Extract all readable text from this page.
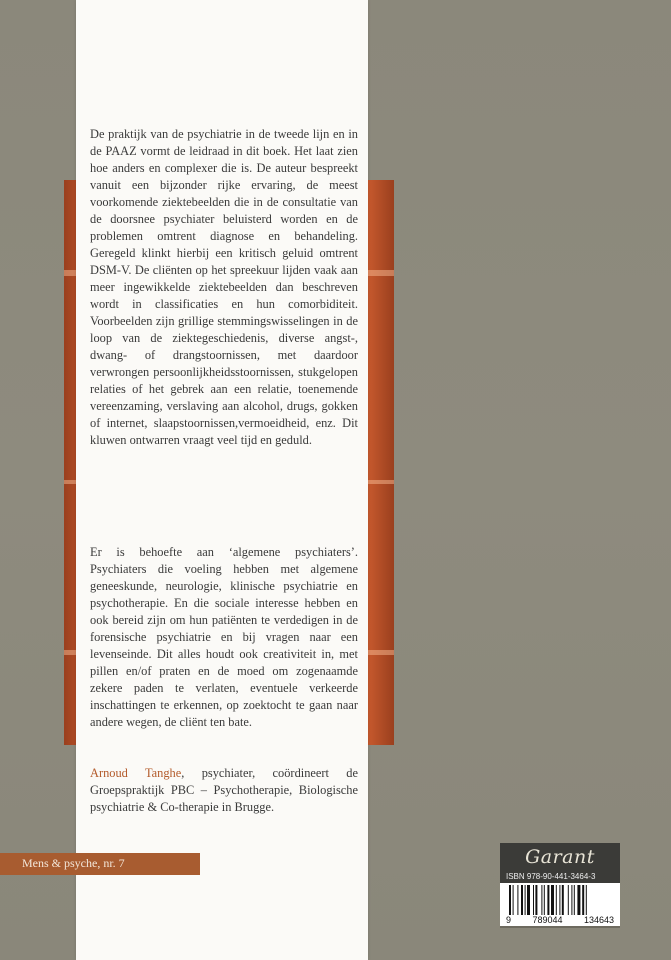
De praktijk van de psychiatrie in de tweede lijn en in de PAAZ vormt de leidraad in dit boek. Het laat zien hoe anders en complexer die is. De auteur bespreekt vanuit een bijzonder rijke ervaring, de meest voorkomende ziektebeelden die in de consultatie van de doorsnee psychiater beluisterd worden en de problemen omtrent diagnose en behandeling. Geregeld klinkt hierbij een kritisch geluid omtrent DSM-V. De cliënten op het spreekuur lijden vaak aan meer ingewikkelde ziektebeelden dan beschreven wordt in classificaties en hun comorbiditeit. Voorbeelden zijn grillige stemmingswisselingen in de loop van de ziektegeschiedenis, diverse angst-, dwang- of drangstoornissen, met daardoor verwrongen persoonlijkheidsstoornissen, stukgelopen relaties of het gebrek aan een relatie, toenemende vereenzaming, verslaving aan alcohol, drugs, gokken of internet, slaapstoornissen,vermoeidheid, enz. Dit kluwen ontwarren vraagt veel tijd en geduld.
Er is behoefte aan ‘algemene psychiaters’. Psychiaters die voeling hebben met algemene geneeskunde, neurologie, klinische psychiatrie en psychotherapie. En die sociale interesse hebben en ook bereid zijn om hun patiënten te verdedigen in de forensische psychiatrie en bij vragen naar een levenseinde. Dit alles houdt ook creativiteit in, met pillen en/of praten en de moed om zogenaamde zekere paden te verlaten, eventuele verkeerde inschattingen te erkennen, op zoektocht te gaan naar andere wegen, de cliënt ten bate.
Arnoud Tanghe, psychiater, coördineert de Groepspraktijk PBC – Psychotherapie, Biologische psychiatrie & Co-therapie in Brugge.
Mens & psyche, nr. 7	Garant
ISBN 978-90-441-3464-3
9 789044 134643
